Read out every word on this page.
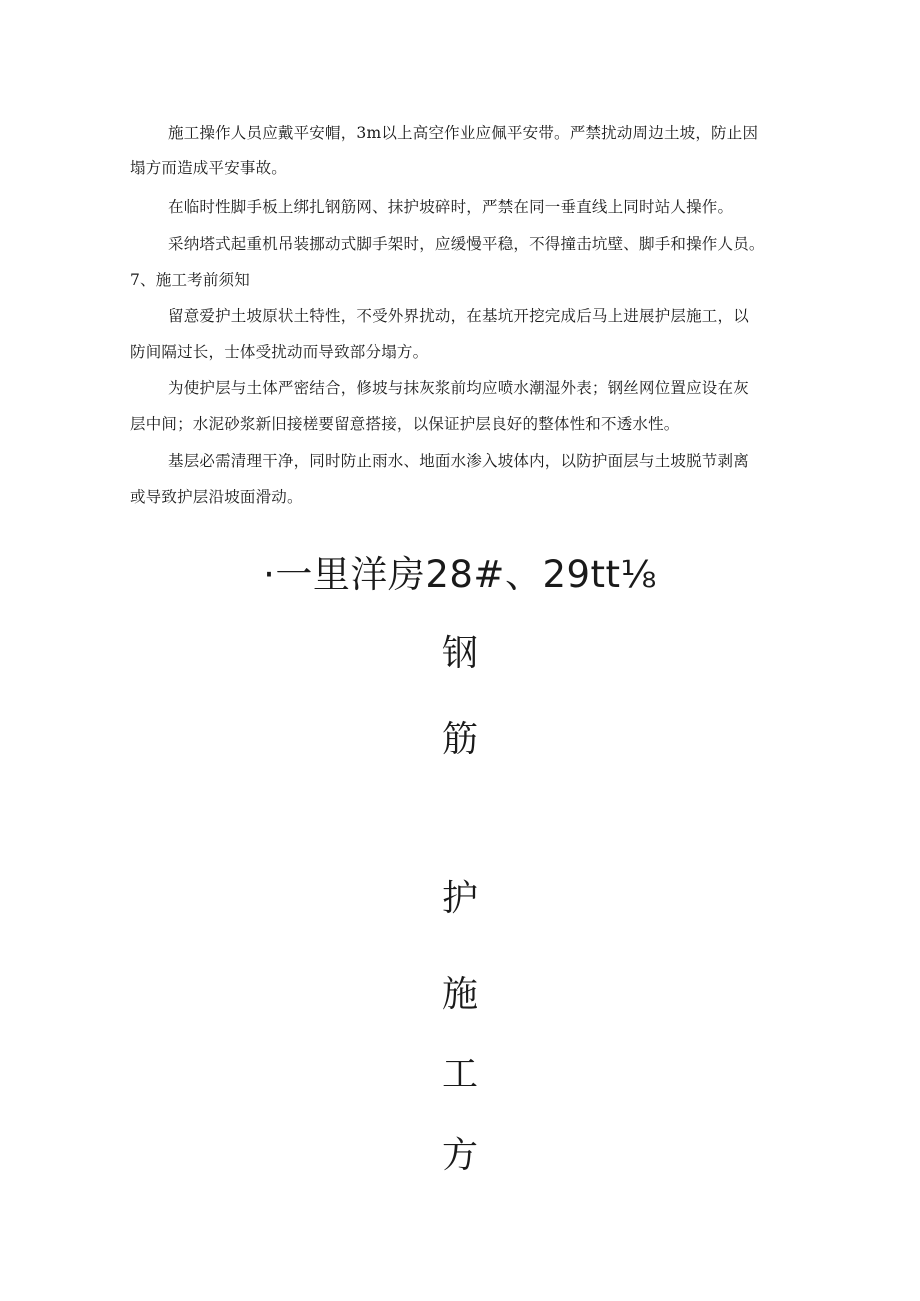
施工操作人员应戴平安帽，3m以上高空作业应佩平安带。严禁扰动周边土坡，防止因
塌方而造成平安事故。
在临时性脚手板上绑扎钢筋网、抹护坡碎时，严禁在同一垂直线上同时站人操作。
采纳塔式起重机吊装挪动式脚手架时，应缓慢平稳，不得撞击坑壁、脚手和操作人员。
7、施工考前须知
留意爱护土坡原状土特性，不受外界扰动，在基坑开挖完成后马上进展护层施工，以
防间隔过长，士体受扰动而导致部分塌方。
为使护层与土体严密结合，修坡与抹灰浆前均应喷水潮湿外表；钢丝网位置应设在灰
层中间；水泥砂浆新旧接槎要留意搭接，以保证护层良好的整体性和不透水性。
基层必需清理干净，同时防止雨水、地面水渗入坡体内，以防护面层与土坡脱节剥离
或导致护层沿坡面滑动。
·一里洋房28#、29tt⅛
钢
筋
护
施
工
方
